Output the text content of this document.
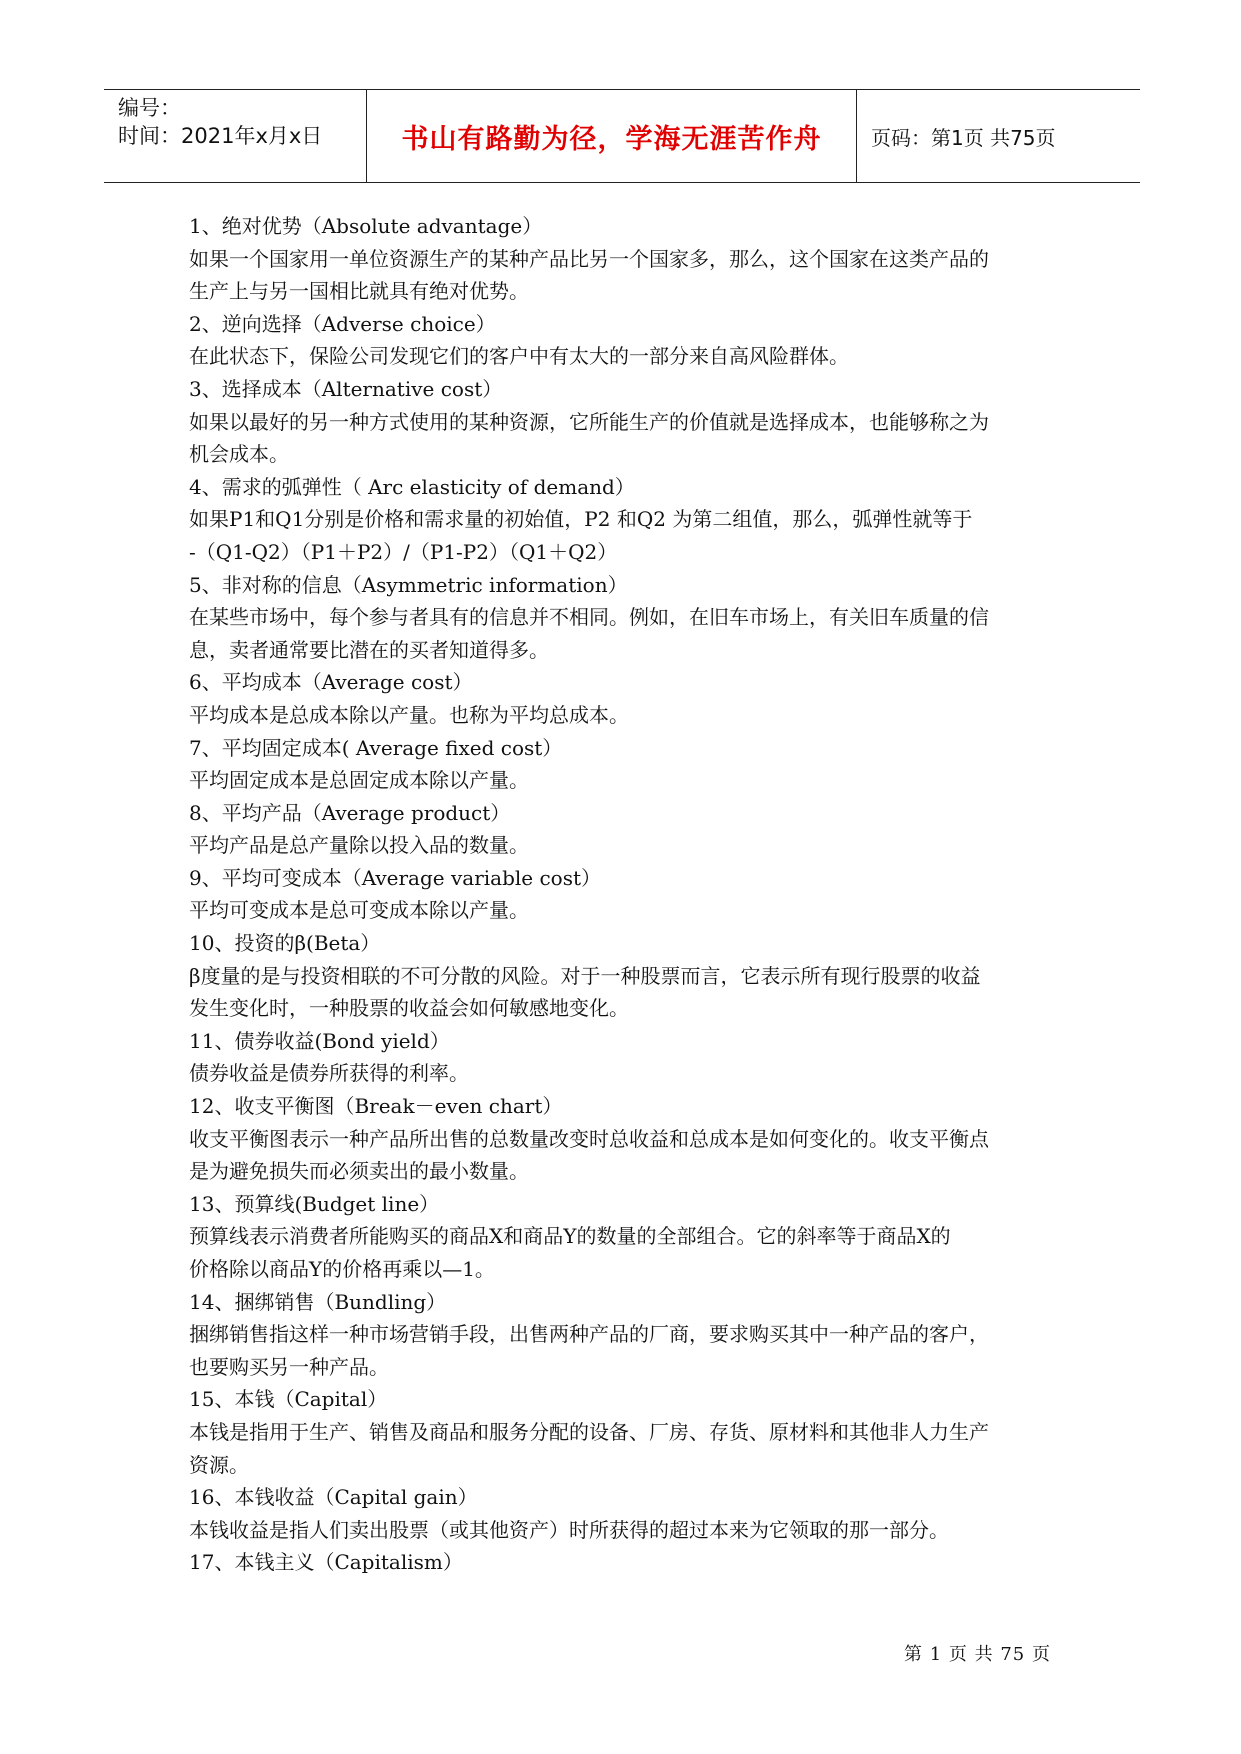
编号：
时间：2021年x月x日	书山有路勤为径，学海无涯苦作舟 页码：第1页 共75页
1、绝对优势（Absolute advantage）
如果一个国家用一单位资源生产的某种产品比另一个国家多，那么，这个国家在这类产品的
生产上与另一国相比就具有绝对优势。
2、逆向选择（Adverse choice）
在此状态下，保险公司发现它们的客户中有太大的一部分来自高风险群体。
3、选择成本（Alternative cost）
如果以最好的另一种方式使用的某种资源，它所能生产的价值就是选择成本，也能够称之为
机会成本。
4、需求的弧弹性（ Arc elasticity of demand）
如果P1和Q1分别是价格和需求量的初始值，P2 和Q2 为第二组值，那么，弧弹性就等于
-（Q1-Q2）（P1＋P2）/（P1-P2）（Q1＋Q2）
5、非对称的信息（Asymmetric information）
在某些市场中，每个参与者具有的信息并不相同。例如，在旧车市场上，有关旧车质量的信
息，卖者通常要比潜在的买者知道得多。
6、平均成本（Average cost）
平均成本是总成本除以产量。也称为平均总成本。
7、平均固定成本( Average fixed cost）
平均固定成本是总固定成本除以产量。
8、平均产品（Average product）
平均产品是总产量除以投入品的数量。
9、平均可变成本（Average variable cost）
平均可变成本是总可变成本除以产量。
10、投资的β(Beta）
β度量的是与投资相联的不可分散的风险。对于一种股票而言，它表示所有现行股票的收益
发生变化时，一种股票的收益会如何敏感地变化。
11、债券收益(Bond yield）
债券收益是债券所获得的利率。
12、收支平衡图（Break－even chart）
收支平衡图表示一种产品所出售的总数量改变时总收益和总成本是如何变化的。收支平衡点
是为避免损失而必须卖出的最小数量。
13、预算线(Budget line）
预算线表示消费者所能购买的商品X和商品Y的数量的全部组合。它的斜率等于商品X的
价格除以商品Y的价格再乘以—1。
14、捆绑销售（Bundling）
捆绑销售指这样一种市场营销手段，出售两种产品的厂商，要求购买其中一种产品的客户，
也要购买另一种产品。
15、本钱（Capital）
本钱是指用于生产、销售及商品和服务分配的设备、厂房、存货、原材料和其他非人力生产
资源。
16、本钱收益（Capital gain）
本钱收益是指人们卖出股票（或其他资产）时所获得的超过本来为它领取的那一部分。
17、本钱主义（Capitalism）
第 1 页 共 75 页
